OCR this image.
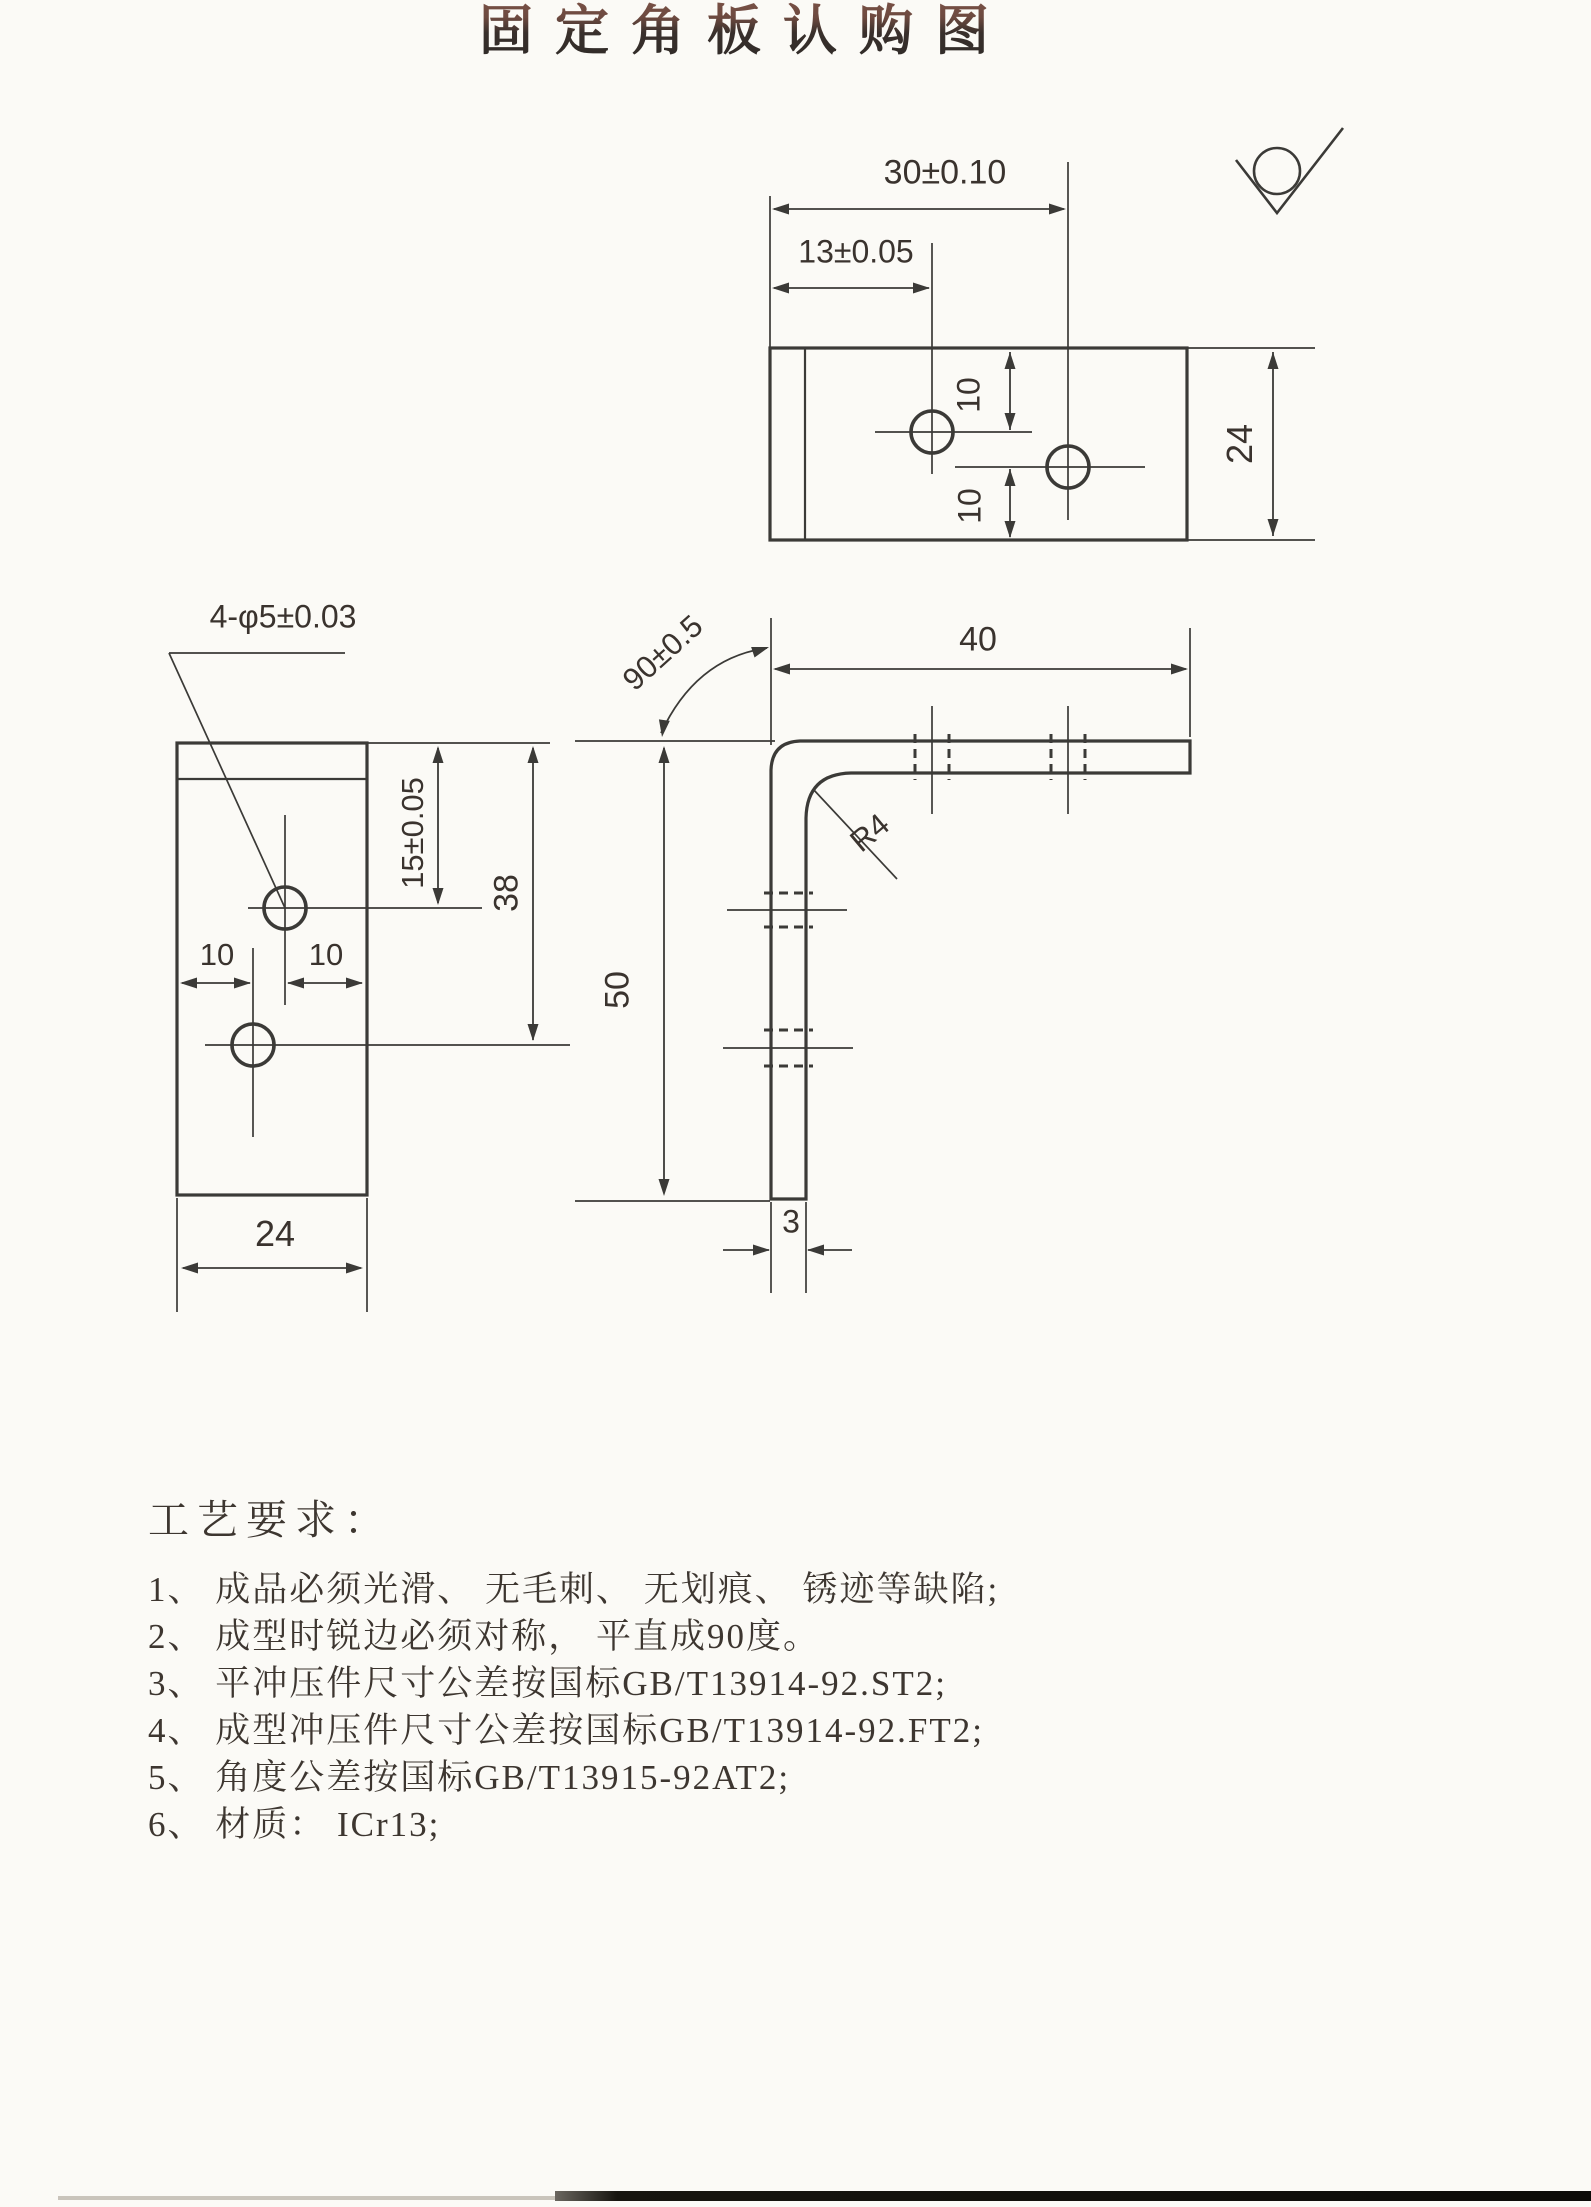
固定角板认购图
30±0.10
13±0.05
10
10
24
4-φ5±0.03
15±0.05
38
10 10
24
90±0.5	40
R4
50
3

工艺要求：

1、 成品必须光滑、 无毛刺、 无划痕、 锈迹等缺陷;

2、 成型时锐边必须对称， 平直成90度。

3、 平冲压件尺寸公差按国标GB/T13914-92.ST2;

4、 成型冲压件尺寸公差按国标GB/T13914-92.FT2;

5、 角度公差按国标GB/T13915-92AT2;

6、 材质： ICr13;
